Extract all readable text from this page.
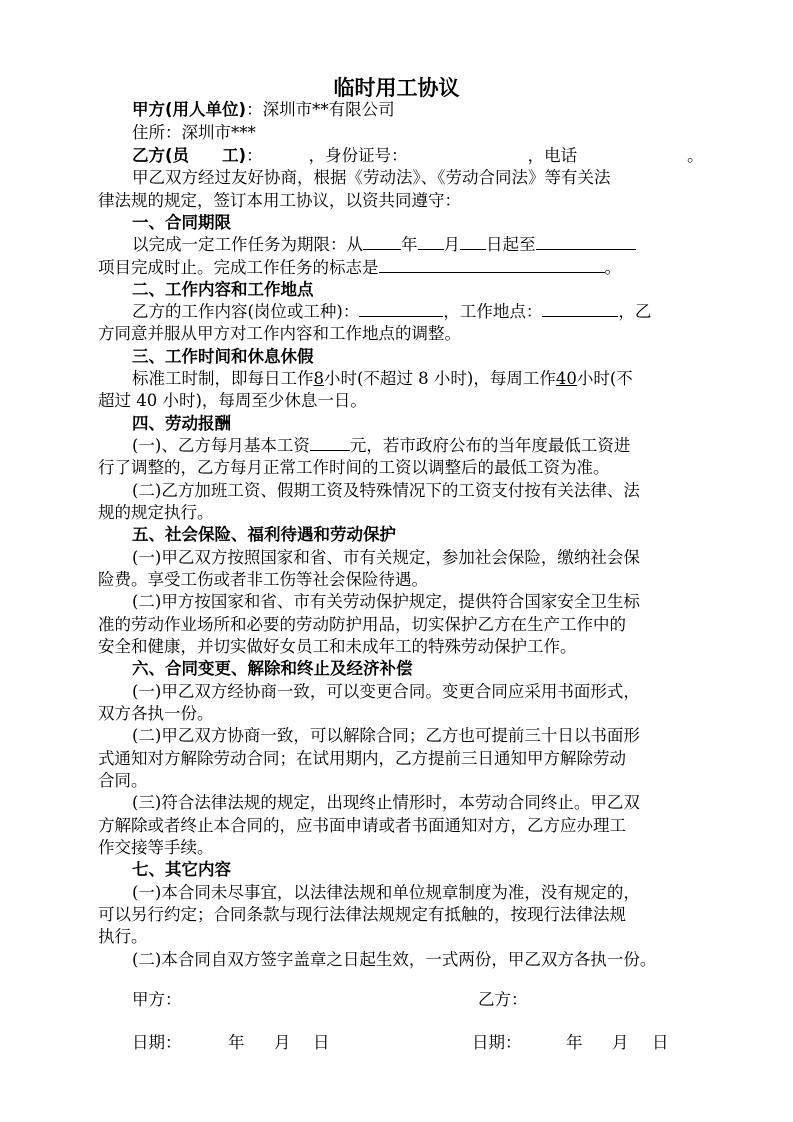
临时用工协议
甲方(用人单位)：深圳市**有限公司
住所：深圳市***
乙方(员　　工)：	，身份证号：	，电话	。
甲乙双方经过友好协商，根据《劳动法》、《劳动合同法》等有关法
律法规的规定，签订本用工协议，以资共同遵守：
一、合同期限
以完成一定工作任务为期限：从 年 月 日起至
项目完成时止。完成工作任务的标志是	。
二、工作内容和工作地点
乙方的工作内容(岗位或工种)：	，工作地点：	，乙
方同意并服从甲方对工作内容和工作地点的调整。
三、工作时间和休息休假
标准工时制，即每日工作8小时(不超过 8 小时)，每周工作40小时(不
超过 40 小时)，每周至少休息一日。
四、劳动报酬
(一)、乙方每月基本工资 元，若市政府公布的当年度最低工资进
行了调整的，乙方每月正常工作时间的工资以调整后的最低工资为准。
(二)乙方加班工资、假期工资及特殊情况下的工资支付按有关法律、法
规的规定执行。
五、社会保险、福利待遇和劳动保护
(一)甲乙双方按照国家和省、市有关规定，参加社会保险，缴纳社会保
险费。享受工伤或者非工伤等社会保险待遇。
(二)甲方按国家和省、市有关劳动保护规定，提供符合国家安全卫生标
准的劳动作业场所和必要的劳动防护用品，切实保护乙方在生产工作中的
安全和健康，并切实做好女员工和未成年工的特殊劳动保护工作。
六、合同变更、解除和终止及经济补偿
(一)甲乙双方经协商一致，可以变更合同。变更合同应采用书面形式，
双方各执一份。
(二)甲乙双方协商一致，可以解除合同；乙方也可提前三十日以书面形
式通知对方解除劳动合同；在试用期内，乙方提前三日通知甲方解除劳动
合同。
(三)符合法律法规的规定，出现终止情形时，本劳动合同终止。甲乙双
方解除或者终止本合同的，应书面申请或者书面通知对方，乙方应办理工
作交接等手续。
七、其它内容
(一)本合同未尽事宜，以法律法规和单位规章制度为准，没有规定的，
可以另行约定；合同条款与现行法律法规规定有抵触的，按现行法律法规
执行。
(二)本合同自双方签字盖章之日起生效，一式两份，甲乙双方各执一份。
甲方：	乙方：
日期：	年 月 日	日期：	年 月 日
